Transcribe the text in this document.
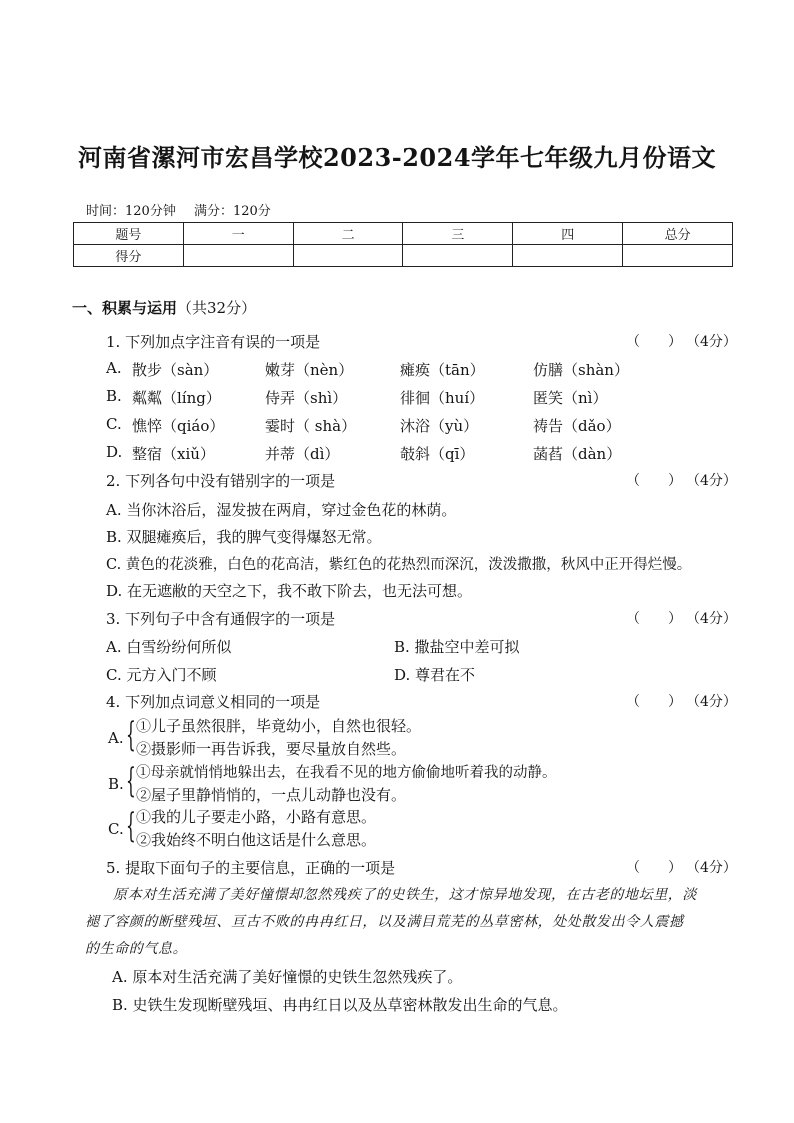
河南省漯河市宏昌学校2023-2024学年七年级九月份语文
时间：120分钟 满分：120分
题号	一	二	三	四	总分
得分					
一、积累与运用（共32分）
1. 下列加点字注音有误的一项是	（　　） （4分）
A. 散步（sàn）	嫩芽（nèn）	瘫痪（tān）	仿膳（shàn）
B. 粼粼（líng）	侍弄（shì）	徘徊（huí）	匿笑（nì）
C. 憔悴（qiáo）	霎时（ shà）	沐浴（yù）	祷告（dǎo）
D. 整宿（xiǔ）	并蒂（dì）	攲斜（qī）	菡萏（dàn）
2. 下列各句中没有错别字的一项是	（　　） （4分）
A. 当你沐浴后，湿发披在两肩，穿过金色花的林荫。
B. 双腿瘫痪后，我的脾气变得爆怒无常。
C. 黄色的花淡雅，白色的花高洁，紫红色的花热烈而深沉，泼泼撒撒，秋风中正开得烂慢。
D. 在无遮敝的天空之下，我不敢下阶去，也无法可想。
3. 下列句子中含有通假字的一项是	（　　） （4分）
A. 白雪纷纷何所似	B. 撒盐空中差可拟
C. 元方入门不顾	D. 尊君在不
4. 下列加点词意义相同的一项是	（　　） （4分）
A. { ①儿子虽然很胖，毕竟幼小，自然也很轻。
②摄影师一再告诉我，要尽量放自然些。
B. { ①母亲就悄悄地躲出去，在我看不见的地方偷偷地听着我的动静。
②屋子里静悄悄的，一点儿动静也没有。
C. { ①我的儿子要走小路，小路有意思。
②我始终不明白他这话是什么意思。
5. 提取下面句子的主要信息，正确的一项是	（　　） （4分）
原本对生活充满了美好憧憬却忽然残疾了的史铁生，这才惊异地发现，在古老的地坛里，淡
褪了容颜的断壁残垣、亘古不败的冉冉红日，以及满目荒芜的丛草密林，处处散发出令人震撼
的生命的气息。
A. 原本对生活充满了美好憧憬的史铁生忽然残疾了。
B. 史铁生发现断壁残垣、冉冉红日以及丛草密林散发出生命的气息。
